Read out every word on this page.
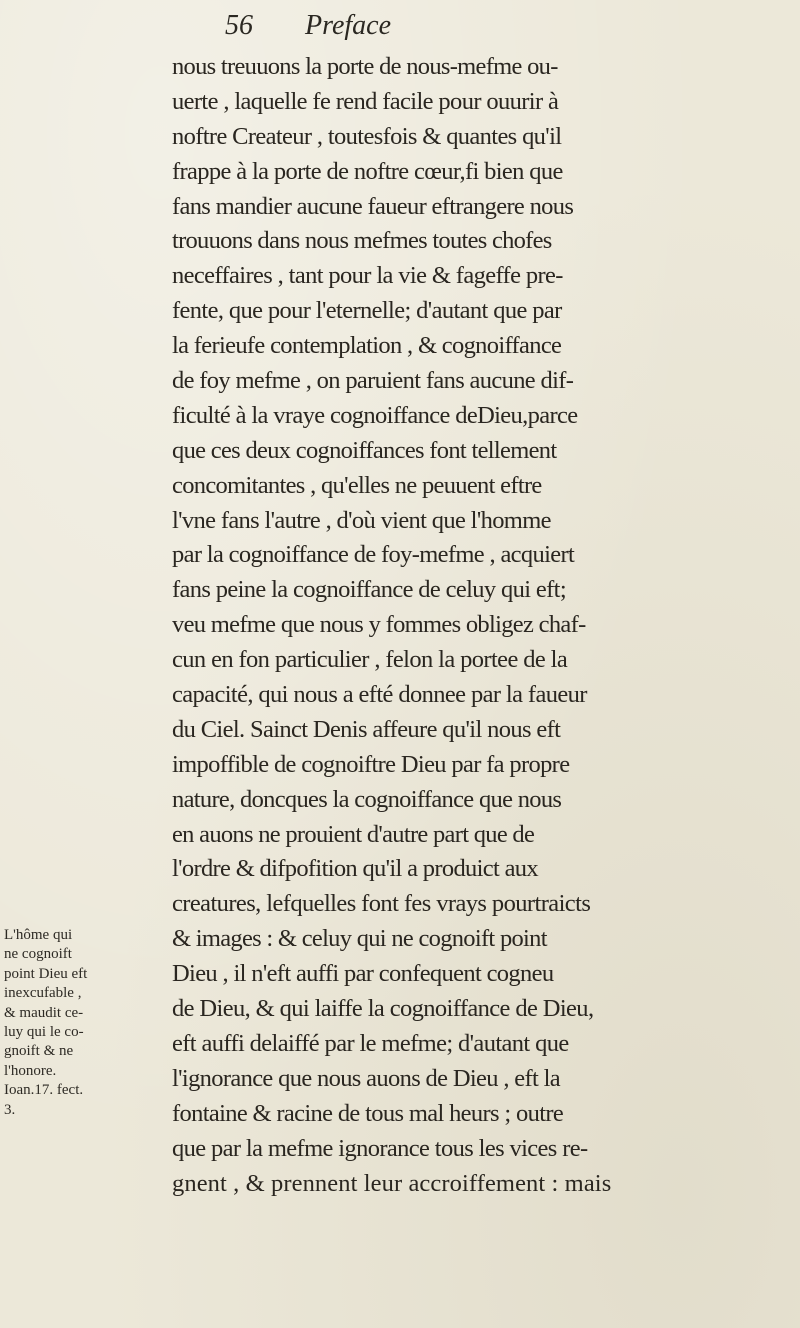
56 Preface
nous treuuons la porte de nous-mefme ou-
uerte , laquelle fe rend facile pour ouurir à
noftre Createur , toutesfois & quantes qu'il
frappe à la porte de noftre cœur,fi bien que
fans mandier aucune faueur eftrangere nous
trouuons dans nous mefmes toutes chofes
neceffaires , tant pour la vie & fageffe pre-
fente, que pour l'eternelle; d'autant que par
la ferieufe contemplation , & cognoiffance
de foy mefme , on paruient fans aucune dif-
ficulté à la vraye cognoiffance deDieu,parce
que ces deux cognoiffances font tellement
concomitantes , qu'elles ne peuuent eftre
l'vne fans l'autre , d'où vient que l'homme
par la cognoiffance de foy-mefme , acquiert
fans peine la cognoiffance de celuy qui eft;
veu mefme que nous y fommes obligez chaf-
cun en fon particulier , felon la portee de la
capacité, qui nous a efté donnee par la faueur
du Ciel. Sainct Denis affeure qu'il nous eft
impoffible de cognoiftre Dieu par fa propre
nature, doncques la cognoiffance que nous
en auons ne prouient d'autre part que de
l'ordre & difpofition qu'il a produict aux
creatures, lefquelles font fes vrays pourtraicts
& images : & celuy qui ne cognoift point
Dieu , il n'eft auffi par confequent cogneu
de Dieu, & qui laiffe la cognoiffance de Dieu,
eft auffi delaiffé par le mefme; d'autant que
l'ignorance que nous auons de Dieu , eft la
fontaine & racine de tous mal heurs ; outre
que par la mefme ignorance tous les vices re-
gnent , & prennent leur accroiffement : mais
L'hôme qui
ne cognoift
point Dieu eft
inexcufable ,
& maudit ce-
luy qui le co-
gnoift & ne
l'honore.
Ioan.17. fect.
3.
